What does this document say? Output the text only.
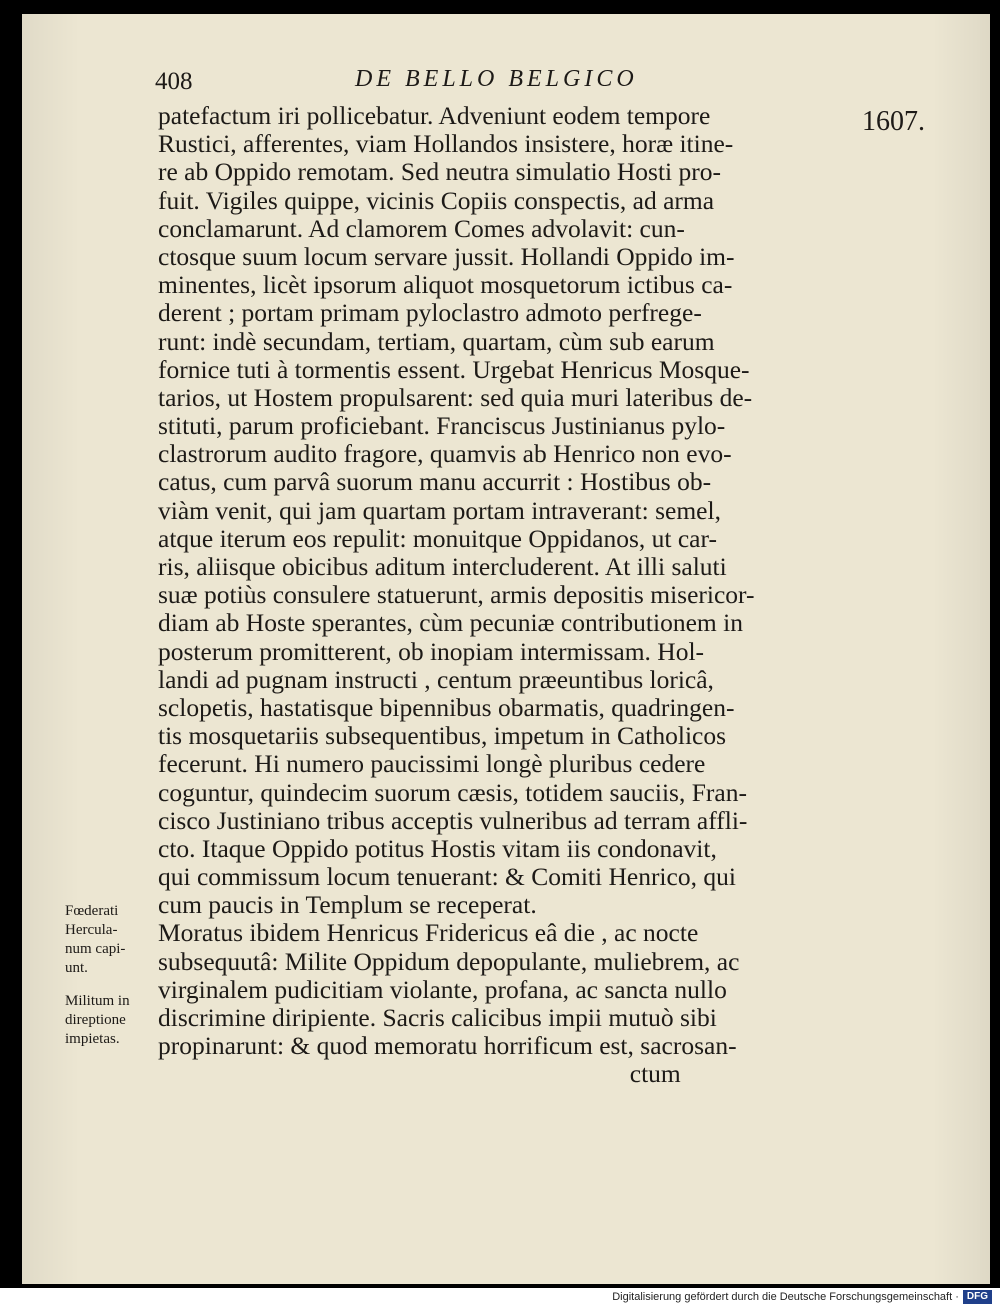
408	DE BELLO BELGICO
1607.
patefactum iri pollicebatur. Adveniunt eodem tempore
Rustici, afferentes, viam Hollandos insistere, horæ itine-
re ab Oppido remotam. Sed neutra simulatio Hosti pro-
fuit. Vigiles quippe, vicinis Copiis conspectis, ad arma
conclamarunt. Ad clamorem Comes advolavit: cun-
ctosque suum locum servare jussit. Hollandi Oppido im-
minentes, licèt ipsorum aliquot mosquetorum ictibus ca-
derent ; portam primam pyloclastro admoto perfrege-
runt: indè secundam, tertiam, quartam, cùm sub earum
fornice tuti à tormentis essent. Urgebat Henricus Mosque-
tarios, ut Hostem propulsarent: sed quia muri lateribus de-
stituti, parum proficiebant. Franciscus Justinianus pylo-
clastrorum audito fragore, quamvis ab Henrico non evo-
catus, cum parvâ suorum manu accurrit : Hostibus ob-
viàm venit, qui jam quartam portam intraverant: semel,
atque iterum eos repulit: monuitque Oppidanos, ut car-
ris, aliisque obicibus aditum intercluderent. At illi saluti
suæ potiùs consulere statuerunt, armis depositis misericor-
diam ab Hoste sperantes, cùm pecuniæ contributionem in
posterum promitterent, ob inopiam intermissam. Hol-
landi ad pugnam instructi , centum præeuntibus loricâ,
sclopetis, hastatisque bipennibus obarmatis, quadringen-
tis mosquetariis subsequentibus, impetum in Catholicos
fecerunt. Hi numero paucissimi longè pluribus cedere
coguntur, quindecim suorum cæsis, totidem sauciis, Fran-
cisco Justiniano tribus acceptis vulneribus ad terram affli-
cto. Itaque Oppido potitus Hostis vitam iis condonavit,
qui commissum locum tenuerant: & Comiti Henrico, qui
cum paucis in Templum se receperat.
Moratus ibidem Henricus Fridericus eâ die , ac nocte
subsequutâ: Milite Oppidum depopulante, muliebrem, ac
virginalem pudicitiam violante, profana, ac sancta nullo
discrimine diripiente. Sacris calicibus impii mutuò sibi
propinarunt: & quod memoratu horrificum est, sacrosan-
ctum
Fœderati
Hercula-
num capi-
unt.
Militum in
direptione
impietas.
Digitalisierung gefördert durch die Deutsche Forschungsgemeinschaft · DFG
